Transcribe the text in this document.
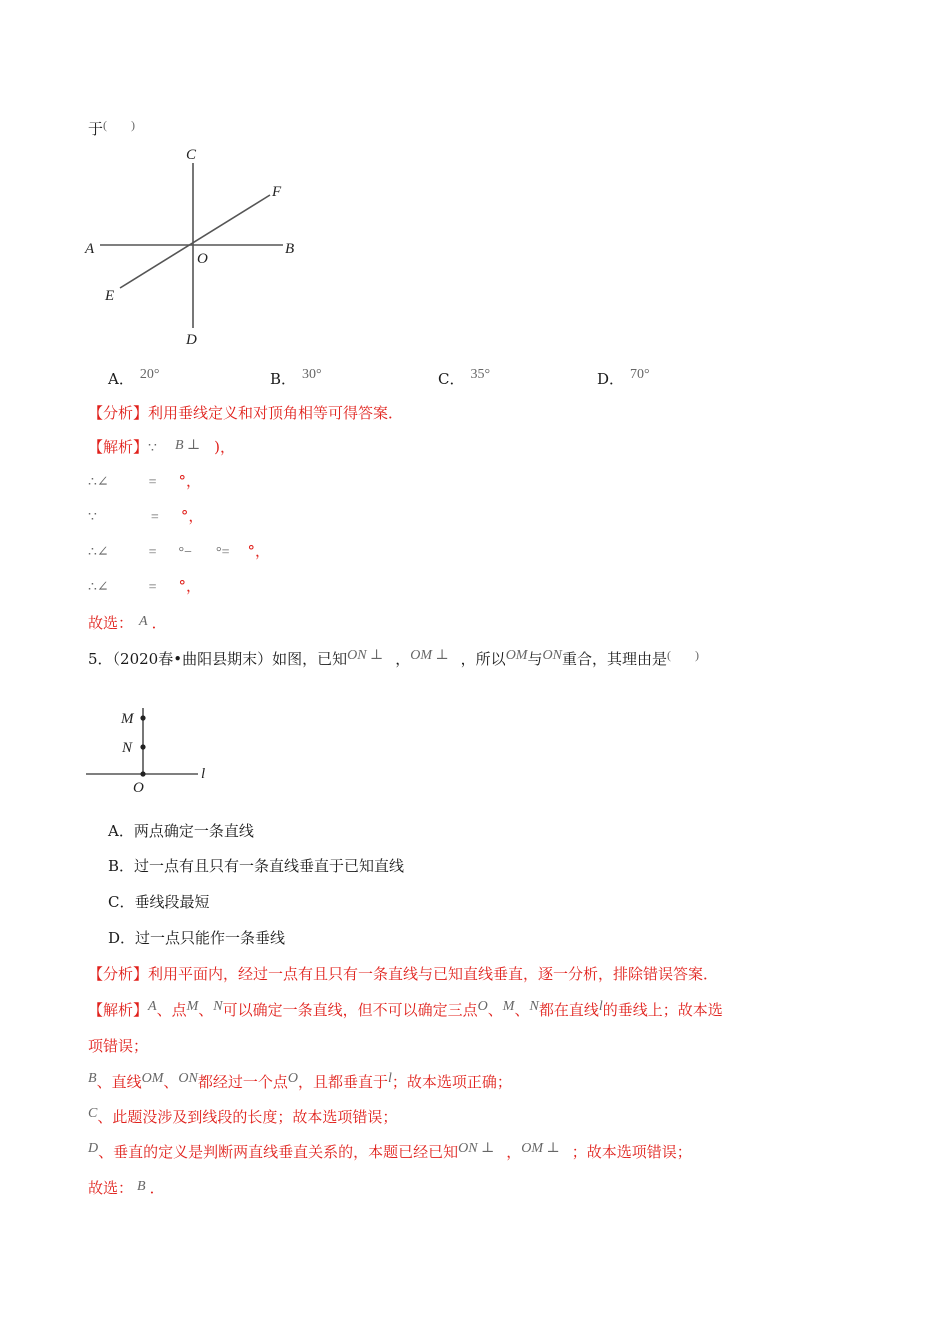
于(　　)
C
F
A	B
O
E
D
A． 20°	B． 30°	C． 35°	D． 70°
【分析】利用垂线定义和对顶角相等可得答案．
【解析】∵ B ⊥ )，
∴∠	= °，
∵	= °，
∴∠	= °− °= °，
∴∠	= °，
故选： A ．
5．（2020春•曲阳县期末）如图，已知ON ⊥ ，OM ⊥ ，所以OM与ON重合，其理由是(　　)
M
N
O
l
A．两点确定一条直线
B．过一点有且只有一条直线垂直于已知直线
C．垂线段最短
D．过一点只能作一条垂线
【分析】利用平面内，经过一点有且只有一条直线与已知直线垂直，逐一分析，排除错误答案．
【解析】A、点M、N可以确定一条直线，但不可以确定三点O、M、N都在直线l的垂线上；故本选
项错误；
B、直线OM、ON都经过一个点O，且都垂直于l；故本选项正确；
C、此题没涉及到线段的长度；故本选项错误；
D、垂直的定义是判断两直线垂直关系的，本题已经已知ON ⊥ ，OM ⊥ ；故本选项错误；
故选： B ．
